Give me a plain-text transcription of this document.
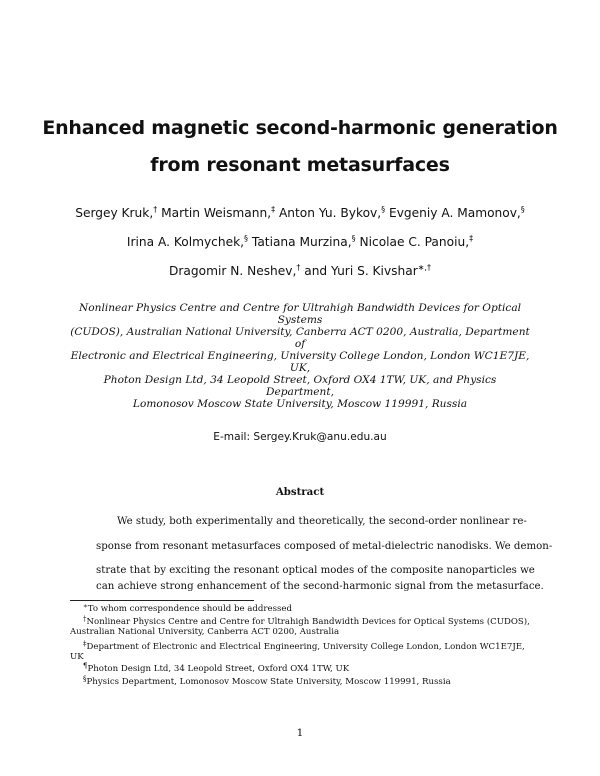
Enhanced magnetic second-harmonic generation
from resonant metasurfaces
Sergey Kruk,† Martin Weismann,‡ Anton Yu. Bykov,§ Evgeniy A. Mamonov,§
Irina A. Kolmychek,§ Tatiana Murzina,§ Nicolae C. Panoiu,‡
Dragomir N. Neshev,† and Yuri S. Kivshar∗,†
Nonlinear Physics Centre and Centre for Ultrahigh Bandwidth Devices for Optical Systems
(CUDOS), Australian National University, Canberra ACT 0200, Australia, Department of
Electronic and Electrical Engineering, University College London, London WC1E7JE, UK,
Photon Design Ltd, 34 Leopold Street, Oxford OX4 1TW, UK, and Physics Department,
Lomonosov Moscow State University, Moscow 119991, Russia
E-mail: Sergey.Kruk@anu.edu.au
Abstract
We study, both experimentally and theoretically, the second-order nonlinear re-
sponse from resonant metasurfaces composed of metal-dielectric nanodisks. We demon-
strate that by exciting the resonant optical modes of the composite nanoparticles we
can achieve strong enhancement of the second-harmonic signal from the metasurface.
∗To whom correspondence should be addressed
†Nonlinear Physics Centre and Centre for Ultrahigh Bandwidth Devices for Optical Systems (CUDOS),
Australian National University, Canberra ACT 0200, Australia
‡Department of Electronic and Electrical Engineering, University College London, London WC1E7JE,
UK
¶Photon Design Ltd, 34 Leopold Street, Oxford OX4 1TW, UK
§Physics Department, Lomonosov Moscow State University, Moscow 119991, Russia
1
